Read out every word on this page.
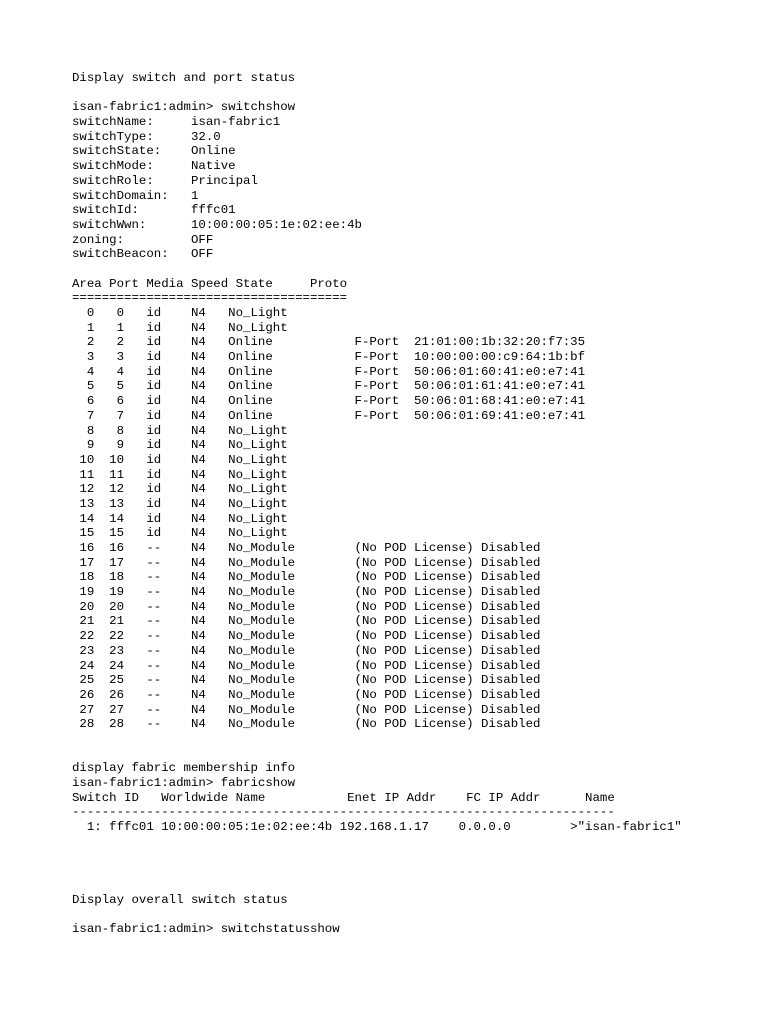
Display switch and port status
isan-fabric1:admin> switchshow
switchName:     isan-fabric1
switchType:     32.0
switchState:    Online
switchMode:     Native
switchRole:     Principal
switchDomain:   1
switchId:       fffc01
switchWwn:      10:00:00:05:1e:02:ee:4b
zoning:         OFF
switchBeacon:   OFF
Area Port Media Speed State     Proto
=====================================
0   0   id    N4   No_Light
1   1   id    N4   No_Light
2   2   id    N4   Online           F-Port  21:01:00:1b:32:20:f7:35
3   3   id    N4   Online           F-Port  10:00:00:00:c9:64:1b:bf
4   4   id    N4   Online           F-Port  50:06:01:60:41:e0:e7:41
5   5   id    N4   Online           F-Port  50:06:01:61:41:e0:e7:41
6   6   id    N4   Online           F-Port  50:06:01:68:41:e0:e7:41
7   7   id    N4   Online           F-Port  50:06:01:69:41:e0:e7:41
8   8   id    N4   No_Light
9   9   id    N4   No_Light
10  10   id    N4   No_Light
11  11   id    N4   No_Light
12  12   id    N4   No_Light
13  13   id    N4   No_Light
14  14   id    N4   No_Light
15  15   id    N4   No_Light
16  16   --    N4   No_Module        (No POD License) Disabled
17  17   --    N4   No_Module        (No POD License) Disabled
18  18   --    N4   No_Module        (No POD License) Disabled
19  19   --    N4   No_Module        (No POD License) Disabled
20  20   --    N4   No_Module        (No POD License) Disabled
21  21   --    N4   No_Module        (No POD License) Disabled
22  22   --    N4   No_Module        (No POD License) Disabled
23  23   --    N4   No_Module        (No POD License) Disabled
24  24   --    N4   No_Module        (No POD License) Disabled
25  25   --    N4   No_Module        (No POD License) Disabled
26  26   --    N4   No_Module        (No POD License) Disabled
27  27   --    N4   No_Module        (No POD License) Disabled
28  28   --    N4   No_Module        (No POD License) Disabled
display fabric membership info
isan-fabric1:admin> fabricshow
Switch ID   Worldwide Name           Enet IP Addr    FC IP Addr      Name
-------------------------------------------------------------------------
1: fffc01 10:00:00:05:1e:02:ee:4b 192.168.1.17    0.0.0.0        >"isan-fabric1"
Display overall switch status
isan-fabric1:admin> switchstatusshow
